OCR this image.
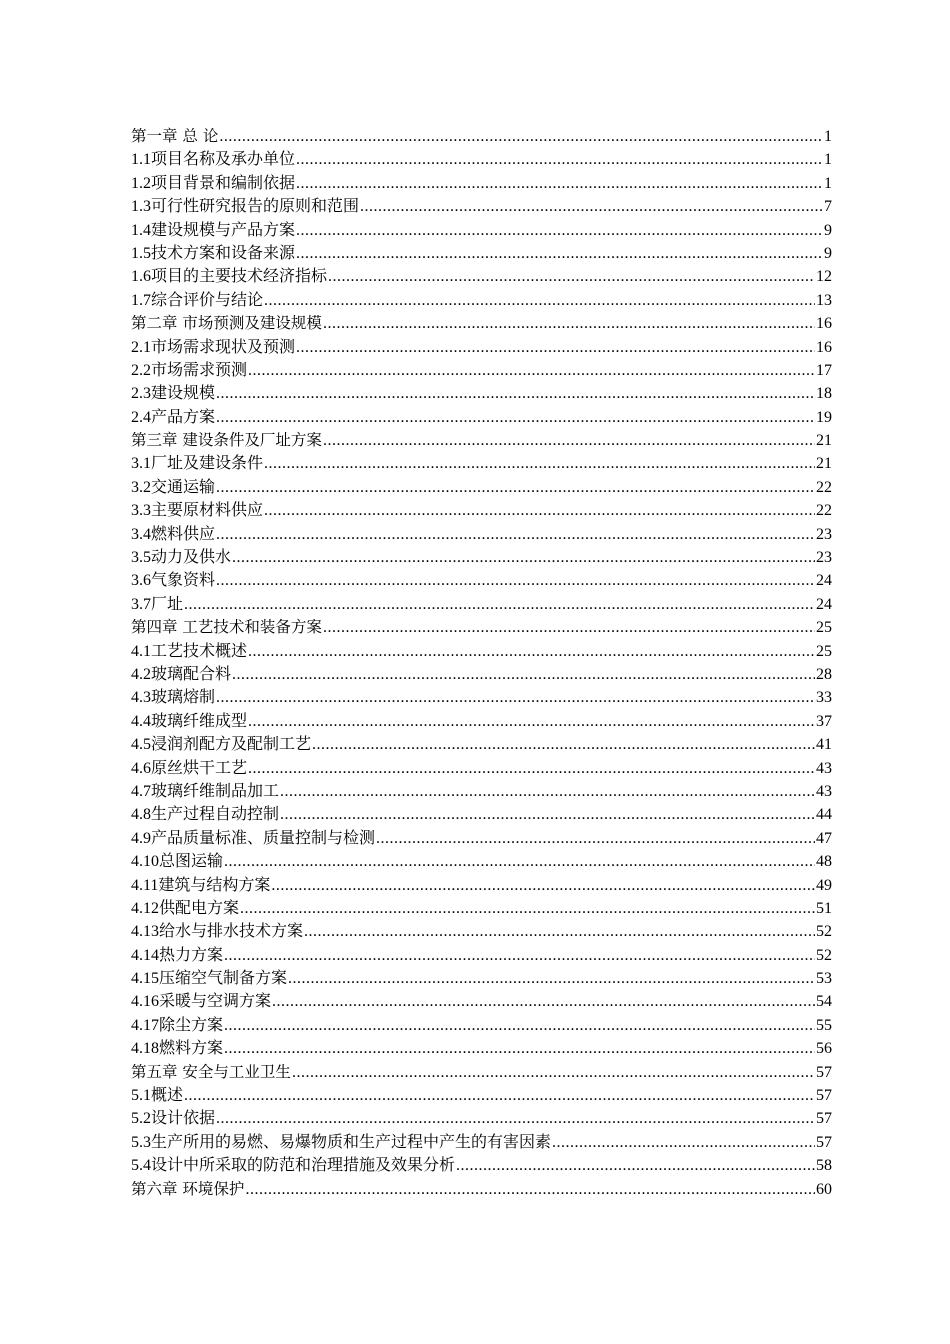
第一章 总 论 .....	1
1.1项目名称及承办单位 .....	1
1.2项目背景和编制依据 .....	1
1.3可行性研究报告的原则和范围 .....	7
1.4建设规模与产品方案 .....	9
1.5技术方案和设备来源 .....	9
1.6项目的主要技术经济指标 .....	12
1.7综合评价与结论 .....	13
第二章 市场预测及建设规模 .....	16
2.1市场需求现状及预测 .....	16
2.2市场需求预测 .....	17
2.3建设规模 .....	18
2.4产品方案 .....	19
第三章 建设条件及厂址方案 .....	21
3.1厂址及建设条件 .....	21
3.2交通运输 .....	22
3.3主要原材料供应 .....	22
3.4燃料供应 .....	23
3.5动力及供水 .....	23
3.6气象资料 .....	24
3.7厂址 .....	24
第四章 工艺技术和装备方案 .....	25
4.1工艺技术概述 .....	25
4.2玻璃配合料 .....	28
4.3玻璃熔制 .....	33
4.4玻璃纤维成型 .....	37
4.5浸润剂配方及配制工艺 .....	41
4.6原丝烘干工艺 .....	43
4.7玻璃纤维制品加工 .....	43
4.8生产过程自动控制 .....	44
4.9产品质量标准、质量控制与检测 .....	47
4.10总图运输 .....	48
4.11建筑与结构方案 .....	49
4.12供配电方案 .....	51
4.13给水与排水技术方案 .....	52
4.14热力方案 .....	52
4.15压缩空气制备方案 .....	53
4.16采暖与空调方案 .....	54
4.17除尘方案 .....	55
4.18燃料方案 .....	56
第五章 安全与工业卫生 .....	57
5.1概述 .....	57
5.2设计依据 .....	57
5.3生产所用的易燃、易爆物质和生产过程中产生的有害因素 .....	57
5.4设计中所采取的防范和治理措施及效果分析 .....	58
第六章 环境保护 .....	60
